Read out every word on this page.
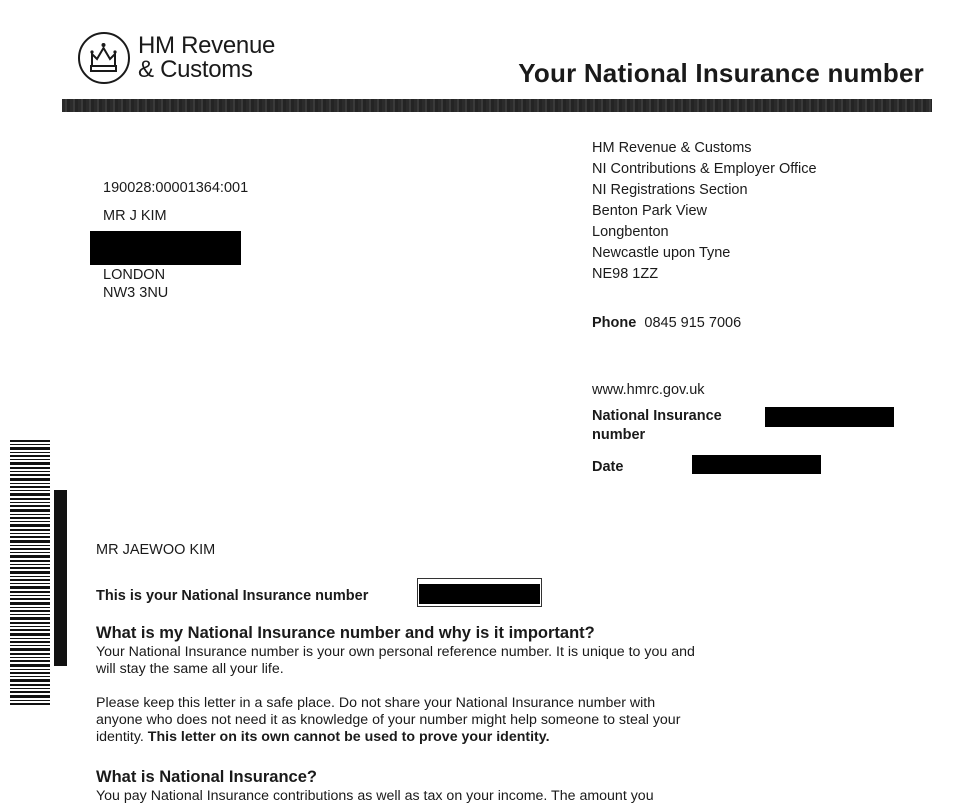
HM Revenue
& Customs	Your National Insurance number
190028:00001364:001
MR J KIM
LONDON
NW3 3NU
HM Revenue & Customs
NI Contributions & Employer Office
NI Registrations Section
Benton Park View
Longbenton
Newcastle upon Tyne
NE98 1ZZ
Phone 0845 915 7006
www.hmrc.gov.uk
National Insurance
number
Date
MR JAEWOO KIM
This is your National Insurance number
What is my National Insurance number and why is it important?
Your National Insurance number is your own personal reference number. It is unique to you and
will stay the same all your life.
Please keep this letter in a safe place. Do not share your National Insurance number with
anyone who does not need it as knowledge of your number might help someone to steal your
identity. This letter on its own cannot be used to prove your identity.
What is National Insurance?
You pay National Insurance contributions as well as tax on your income. The amount you
